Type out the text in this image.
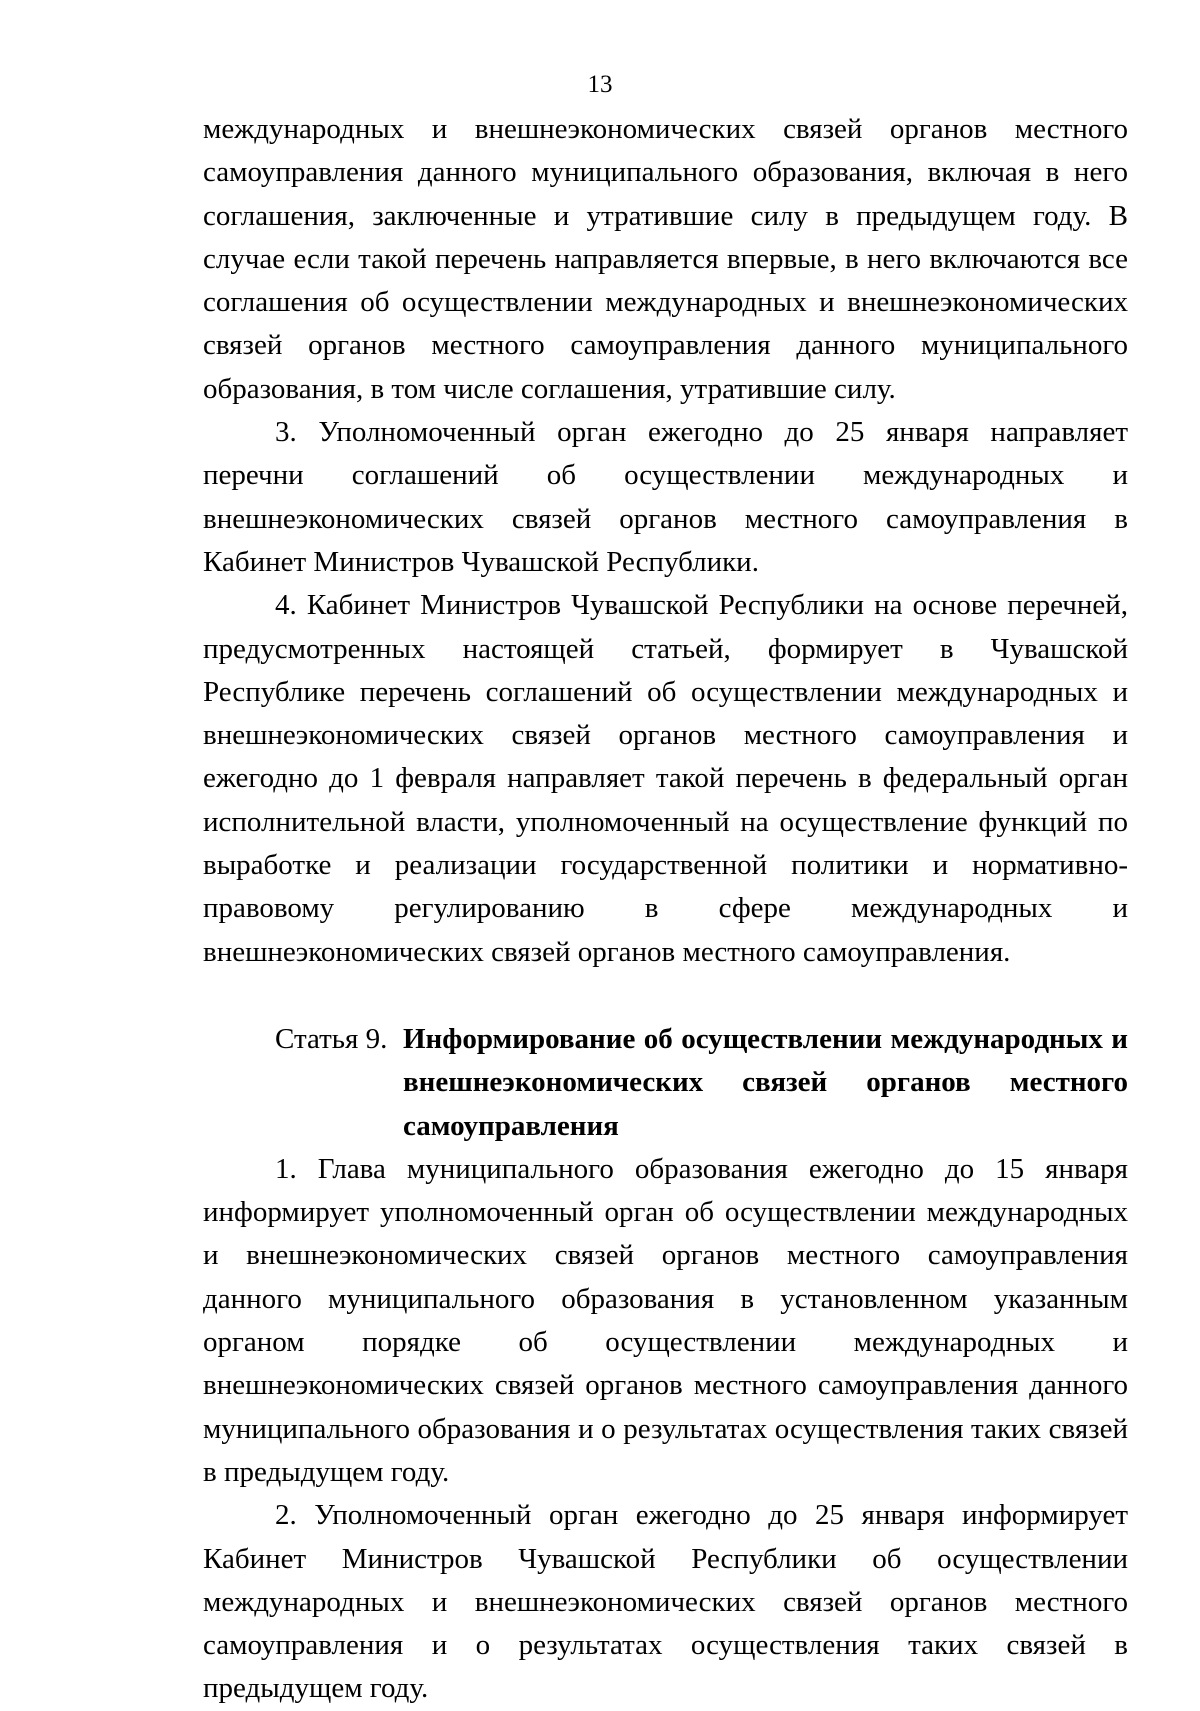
13

международных и внешнеэкономических связей органов местного самоуправления данного муниципального образования, включая в него соглашения, заключенные и утратившие силу в предыдущем году. В случае если такой перечень направляется впервые, в него включаются все соглашения об осуществлении международных и внешнеэкономических связей органов местного самоуправления данного муниципального образования, в том числе соглашения, утратившие силу.

3. Уполномоченный орган ежегодно до 25 января направляет перечни соглашений об осуществлении международных и внешнеэкономических связей органов местного самоуправления в Кабинет Министров Чувашской Республики.

4. Кабинет Министров Чувашской Республики на основе перечней, предусмотренных настоящей статьей, формирует в Чувашской Республике перечень соглашений об осуществлении международных и внешнеэкономических связей органов местного самоуправления и ежегодно до 1 февраля направляет такой перечень в федеральный орган исполнительной власти, уполномоченный на осуществление функций по выработке и реализации государственной политики и нормативно-правовому регулированию в сфере международных и внешнеэкономических связей органов местного самоуправления.

Статья 9. Информирование об осуществлении международных и внешнеэкономических связей органов местного самоуправления

1. Глава муниципального образования ежегодно до 15 января информирует уполномоченный орган об осуществлении международных и внешнеэкономических связей органов местного самоуправления данного муниципального образования в установленном указанным органом порядке об осуществлении международных и внешнеэкономических связей органов местного самоуправления данного муниципального образования и о результатах осуществления таких связей в предыдущем году.

2. Уполномоченный орган ежегодно до 25 января информирует Кабинет Министров Чувашской Республики об осуществлении международных и внешнеэкономических связей органов местного самоуправления и о результатах осуществления таких связей в предыдущем году.
